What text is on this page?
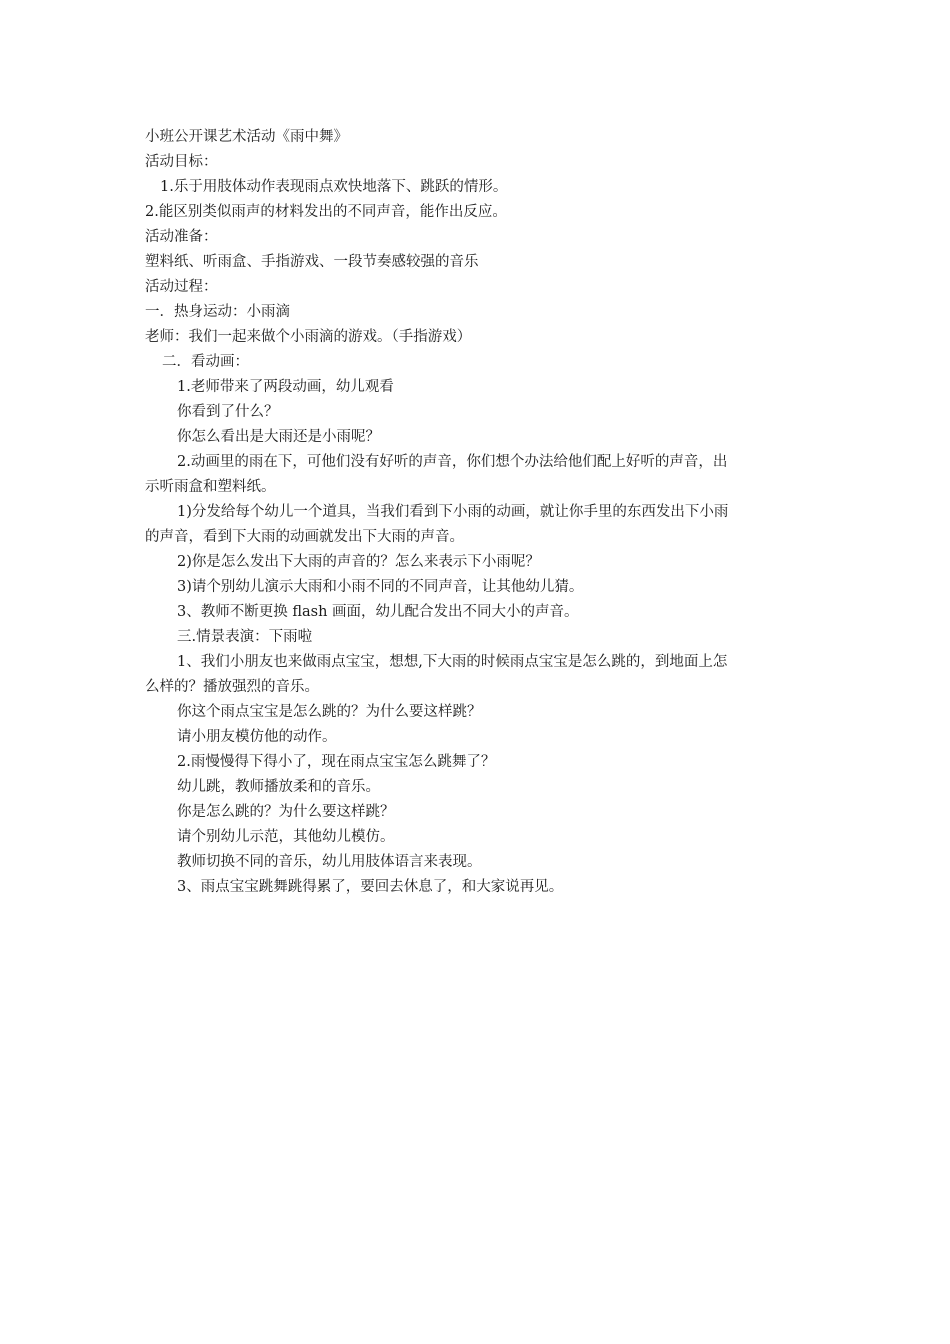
小班公开课艺术活动《雨中舞》
活动目标：
1.乐于用肢体动作表现雨点欢快地落下、跳跃的情形。
2.能区别类似雨声的材料发出的不同声音，能作出反应。
活动准备：
塑料纸、听雨盒、手指游戏、一段节奏感较强的音乐
活动过程：
一．热身运动：小雨滴
老师：我们一起来做个小雨滴的游戏。（手指游戏）
二．看动画：
1.老师带来了两段动画，幼儿观看
你看到了什么？
你怎么看出是大雨还是小雨呢？
2.动画里的雨在下，可他们没有好听的声音，你们想个办法给他们配上好听的声音，出
示听雨盒和塑料纸。
1)分发给每个幼儿一个道具，当我们看到下小雨的动画，就让你手里的东西发出下小雨
的声音，看到下大雨的动画就发出下大雨的声音。
2)你是怎么发出下大雨的声音的？怎么来表示下小雨呢？
3)请个别幼儿演示大雨和小雨不同的不同声音，让其他幼儿猜。
3、教师不断更换 flash 画面，幼儿配合发出不同大小的声音。
三.情景表演：下雨啦
1、我们小朋友也来做雨点宝宝，想想,下大雨的时候雨点宝宝是怎么跳的，到地面上怎
么样的？播放强烈的音乐。
你这个雨点宝宝是怎么跳的？为什么要这样跳？
请小朋友模仿他的动作。
2.雨慢慢得下得小了，现在雨点宝宝怎么跳舞了？
幼儿跳，教师播放柔和的音乐。
你是怎么跳的？为什么要这样跳？
请个别幼儿示范，其他幼儿模仿。
教师切换不同的音乐，幼儿用肢体语言来表现。
3、雨点宝宝跳舞跳得累了，要回去休息了，和大家说再见。
